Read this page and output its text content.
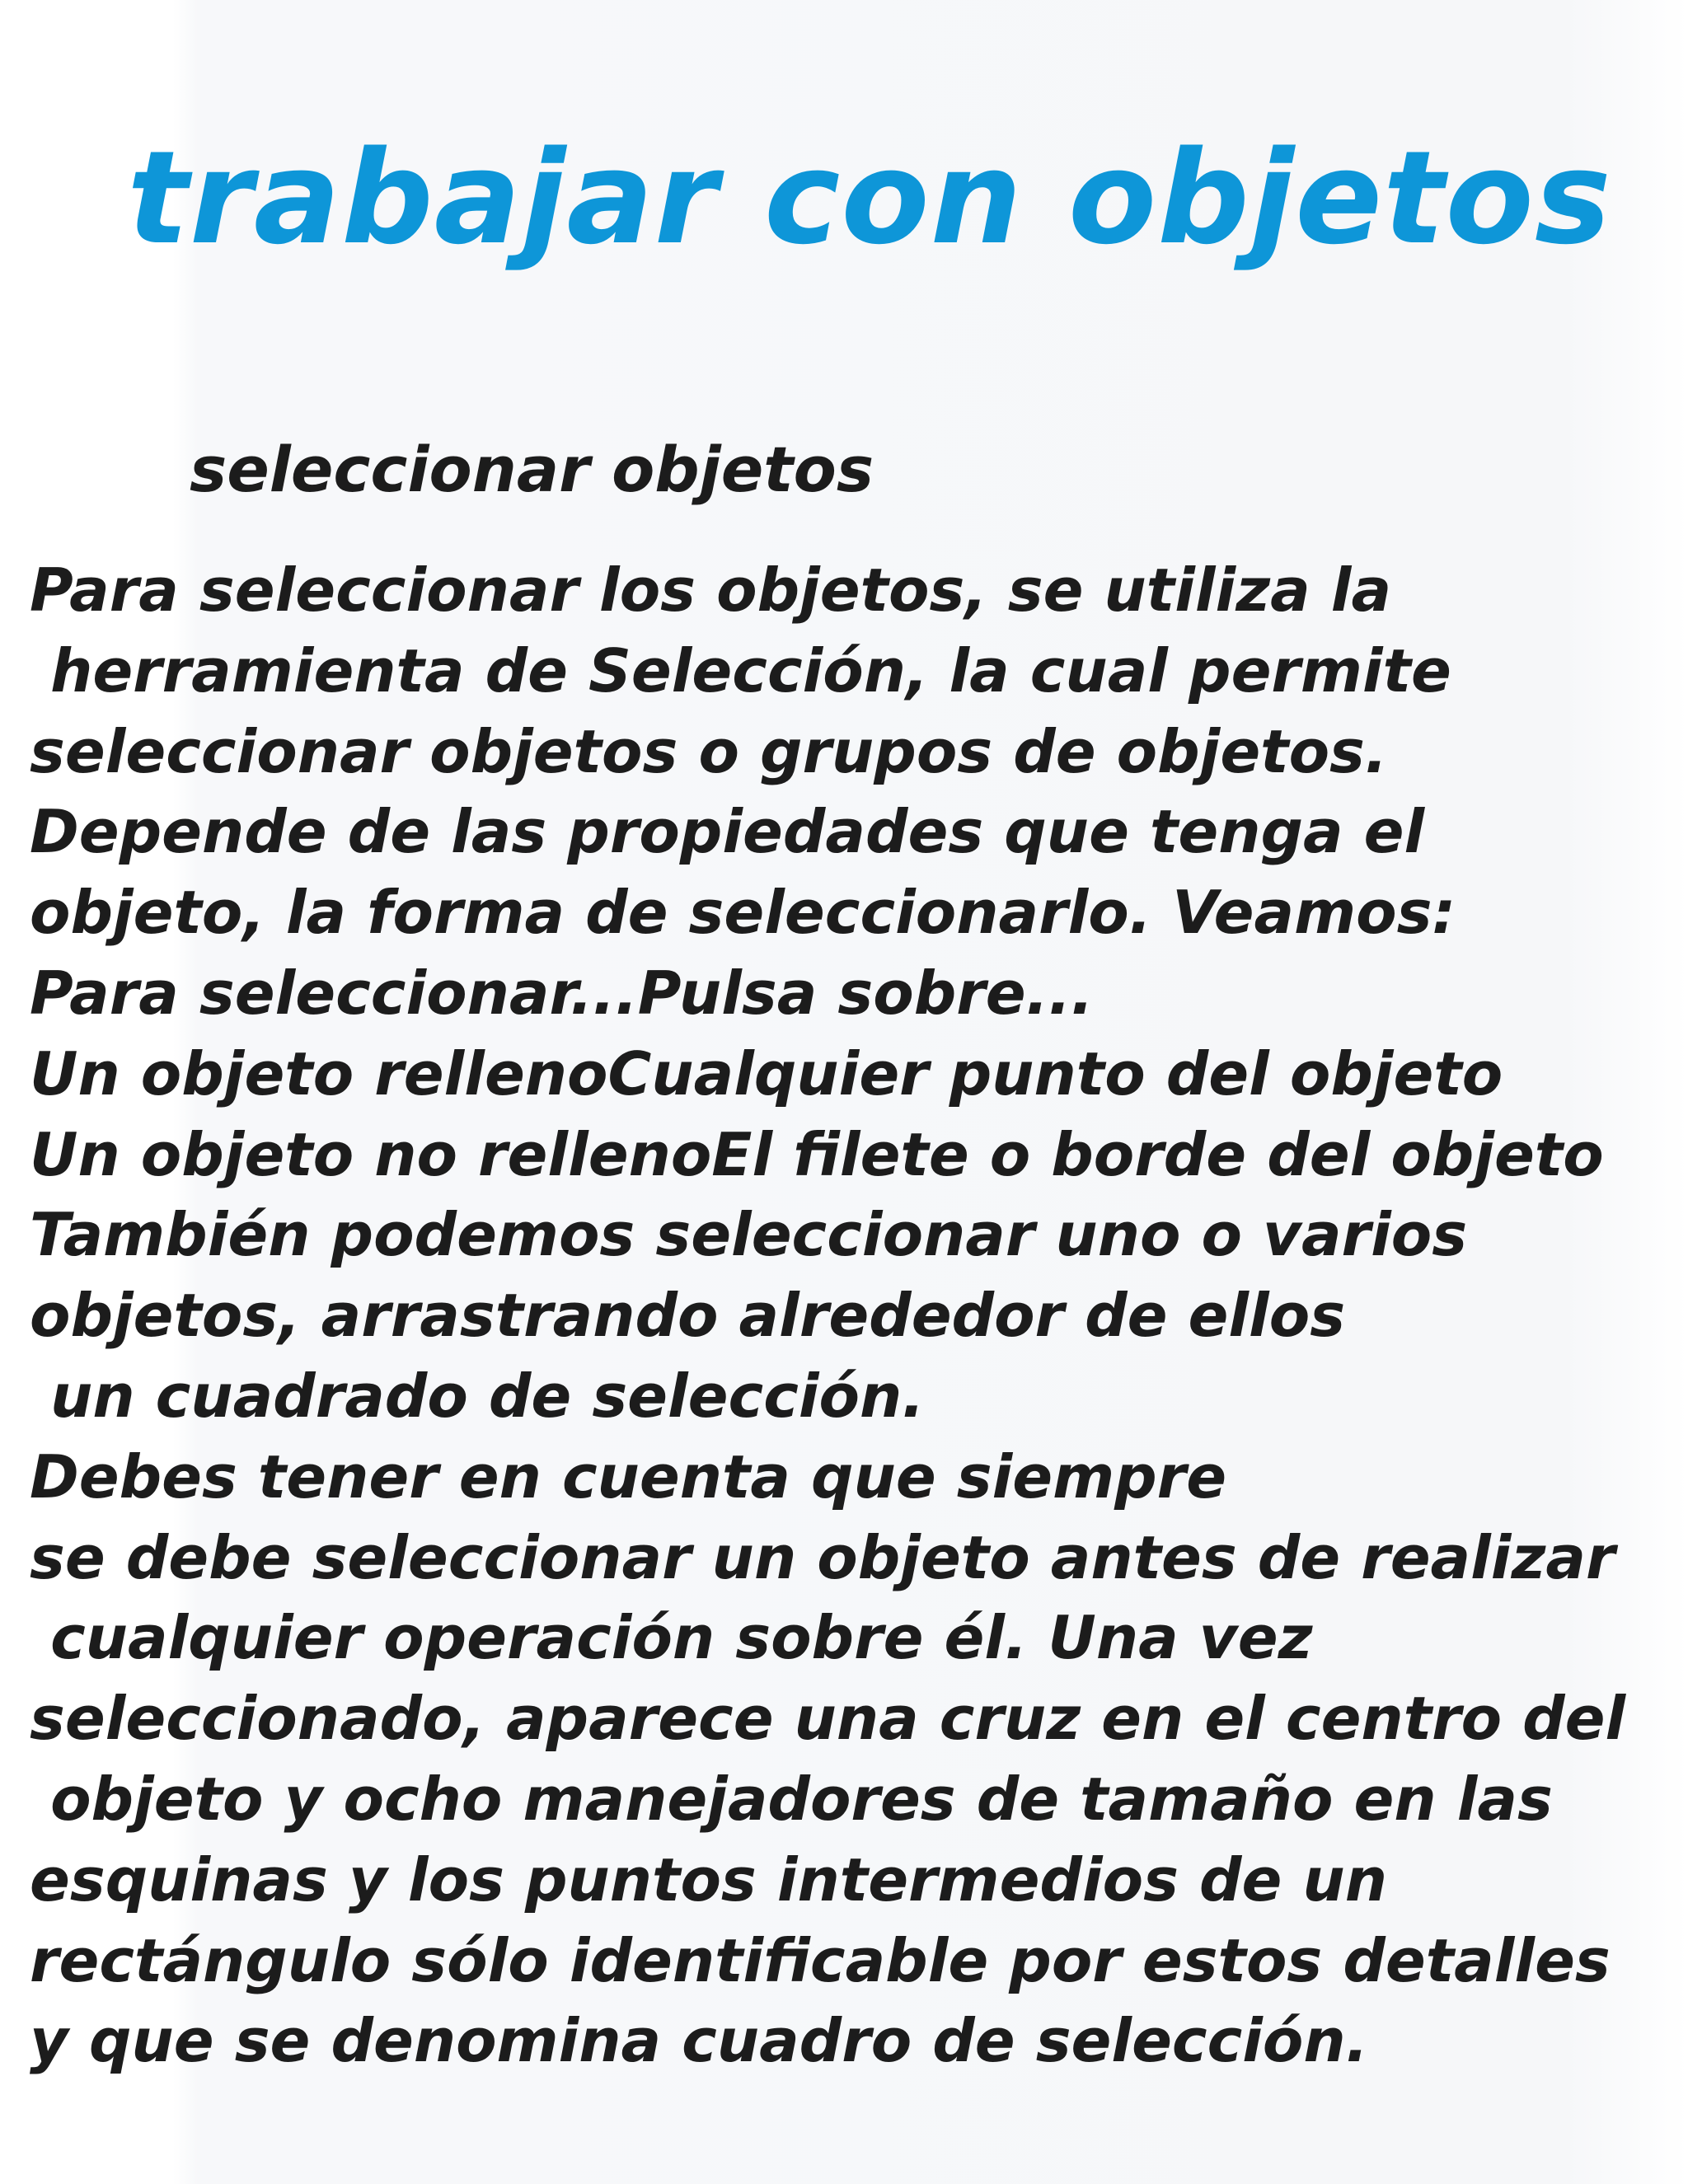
trabajar con objetos
seleccionar objetos
Para seleccionar los objetos, se utiliza la
herramienta de Selección, la cual permite
seleccionar objetos o grupos de objetos.
Depende de las propiedades que tenga el
objeto, la forma de seleccionarlo. Veamos:
Para seleccionar...Pulsa sobre...
Un objeto rellenoCualquier punto del objeto
Un objeto no rellenoEl filete o borde del objeto
También podemos seleccionar uno o varios
objetos, arrastrando alrededor de ellos
un cuadrado de selección.
Debes tener en cuenta que siempre
se debe seleccionar un objeto antes de realizar
cualquier operación sobre él. Una vez
seleccionado, aparece una cruz en el centro del
objeto y ocho manejadores de tamaño en las
esquinas y los puntos intermedios de un
rectángulo sólo identificable por estos detalles
y que se denomina cuadro de selección.
